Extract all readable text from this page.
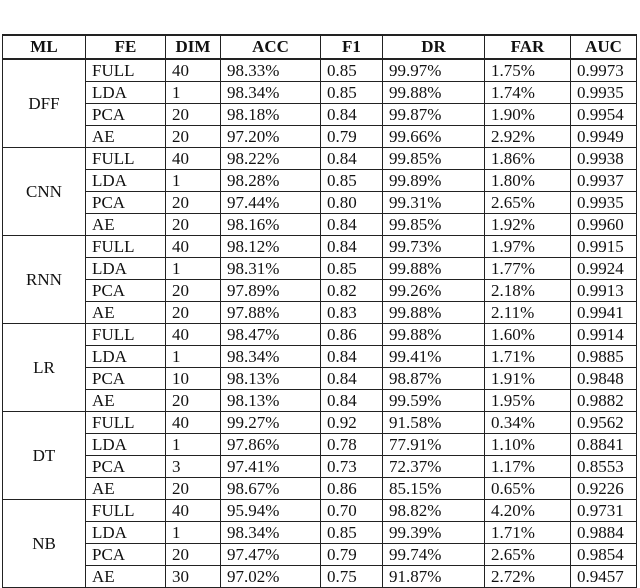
ML	FE	DIM	ACC	F1	DR	FAR	AUC
DFF	FULL	40	98.33%	0.85	99.97%	1.75%	0.9973
	LDA	1	98.34%	0.85	99.88%	1.74%	0.9935
	PCA	20	98.18%	0.84	99.87%	1.90%	0.9954
	AE	20	97.20%	0.79	99.66%	2.92%	0.9949
CNN	FULL	40	98.22%	0.84	99.85%	1.86%	0.9938
	LDA	1	98.28%	0.85	99.89%	1.80%	0.9937
	PCA	20	97.44%	0.80	99.31%	2.65%	0.9935
	AE	20	98.16%	0.84	99.85%	1.92%	0.9960
RNN	FULL	40	98.12%	0.84	99.73%	1.97%	0.9915
	LDA	1	98.31%	0.85	99.88%	1.77%	0.9924
	PCA	20	97.89%	0.82	99.26%	2.18%	0.9913
	AE	20	97.88%	0.83	99.88%	2.11%	0.9941
LR	FULL	40	98.47%	0.86	99.88%	1.60%	0.9914
	LDA	1	98.34%	0.84	99.41%	1.71%	0.9885
	PCA	10	98.13%	0.84	98.87%	1.91%	0.9848
	AE	20	98.13%	0.84	99.59%	1.95%	0.9882
DT	FULL	40	99.27%	0.92	91.58%	0.34%	0.9562
	LDA	1	97.86%	0.78	77.91%	1.10%	0.8841
	PCA	3	97.41%	0.73	72.37%	1.17%	0.8553
	AE	20	98.67%	0.86	85.15%	0.65%	0.9226
NB	FULL	40	95.94%	0.70	98.82%	4.20%	0.9731
	LDA	1	98.34%	0.85	99.39%	1.71%	0.9884
	PCA	20	97.47%	0.79	99.74%	2.65%	0.9854
	AE	30	97.02%	0.75	91.87%	2.72%	0.9457
